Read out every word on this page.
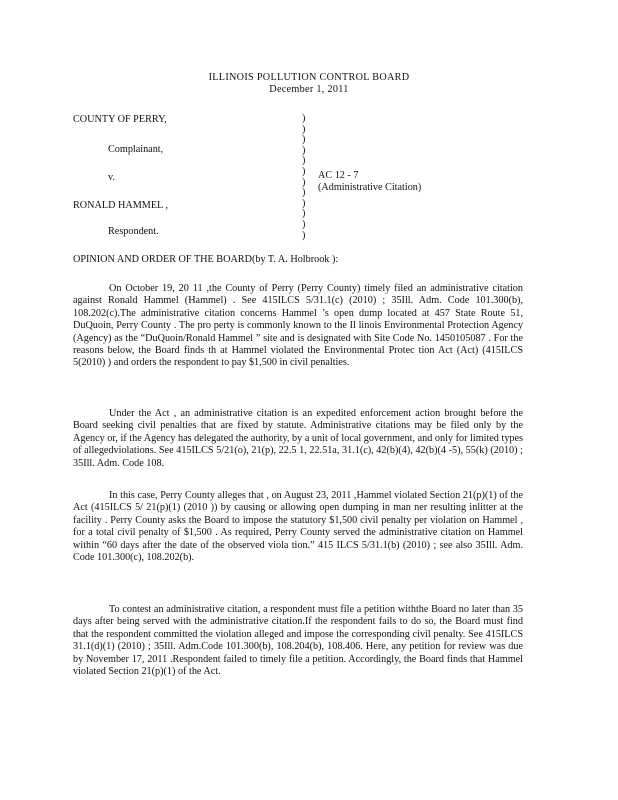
ILLINOIS POLLUTION CONTROL BOARD
December 1, 2011
COUNTY OF PERRY,
Complainant,
v.
RONALD HAMMEL ,
Respondent.
)
)
)
)
)
)
)
)
)
)
)
)
AC 12 - 7
(Administrative Citation)
OPINION AND ORDER OF THE BOARD(by T. A. Holbrook ):

On October 19, 20 11 ,the County of Perry (Perry County) timely filed an administrative citation against Ronald Hammel (Hammel) . See 415ILCS 5/31.1(c) (2010) ; 35Ill. Adm. Code 101.300(b), 108.202(c).The administrative citation concerns Hammel ’s open dump located at 457 State Route 51, DuQuoin, Perry County . The pro perty is commonly known to the Il linois Environmental Protection Agency (Agency) as the “DuQuoin/Ronald Hammel ” site and is designated with Site Code No. 1450105087 . For the reasons below, the Board finds th at Hammel violated the Environmental Protec tion Act (Act) (415ILCS 5(2010) ) and orders the respondent to pay $1,500 in civil penalties.

Under the Act , an administrative citation is an expedited enforcement action brought before the Board seeking civil penalties that are fixed by statute. Administrative citations may be filed only by the Agency or, if the Agency has delegated the authority, by a unit of local government, and only for limited types of allegedviolations. See 415ILCS 5/21(o), 21(p), 22.5 1, 22.51a, 31.1(c), 42(b)(4), 42(b)(4 -5), 55(k) (2010) ; 35Ill. Adm. Code 108.

In this case, Perry County alleges that , on August 23, 2011 ,Hammel violated Section 21(p)(1) of the Act (415ILCS 5/ 21(p)(1) (2010 )) by causing or allowing open dumping in man ner resulting inlitter at the facility . Perry County asks the Board to impose the statutory $1,500 civil penalty per violation on Hammel , for a total civil penalty of $1,500 . As required, Perry County served the administrative citation on Hammel within “60 days after the date of the observed viola tion.” 415 ILCS 5/31.1(b) (2010) ; see also 35Ill. Adm. Code 101.300(c), 108.202(b).

To contest an administrative citation, a respondent must file a petition withthe Board no later than 35 days after being served with the administrative citation.If the respondent fails to do so, the Board must find that the respondent committed the violation alleged and impose the corresponding civil penalty. See 415ILCS 31.1(d)(1) (2010) ; 35Ill. Adm.Code 101.300(b), 108.204(b), 108.406. Here, any petition for review was due by November 17, 2011 .Respondent failed to timely file a petition. Accordingly, the Board finds that Hammel violated Section 21(p)(1) of the Act.
